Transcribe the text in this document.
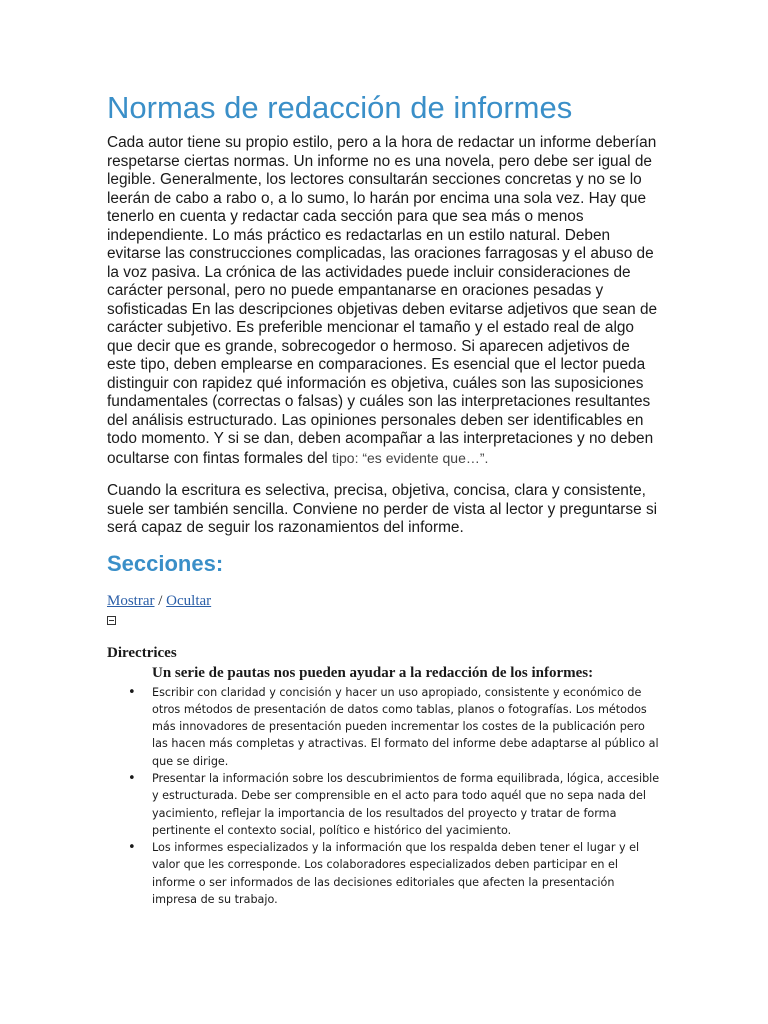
Normas de redacción de informes

Cada autor tiene su propio estilo, pero a la hora de redactar un informe deberían respetarse ciertas normas. Un informe no es una novela, pero debe ser igual de legible. Generalmente, los lectores consultarán secciones concretas y no se lo leerán de cabo a rabo o, a lo sumo, lo harán por encima una sola vez. Hay que tenerlo en cuenta y redactar cada sección para que sea más o menos independiente. Lo más práctico es redactarlas en un estilo natural. Deben evitarse las construcciones complicadas, las oraciones farragosas y el abuso de la voz pasiva. La crónica de las actividades puede incluir consideraciones de carácter personal, pero no puede empantanarse en oraciones pesadas y sofisticadas En las descripciones objetivas deben evitarse adjetivos que sean de carácter subjetivo. Es preferible mencionar el tamaño y el estado real de algo que decir que es grande, sobrecogedor o hermoso. Si aparecen adjetivos de este tipo, deben emplearse en comparaciones. Es esencial que el lector pueda distinguir con rapidez qué información es objetiva, cuáles son las suposiciones fundamentales (correctas o falsas) y cuáles son las interpretaciones resultantes del análisis estructurado. Las opiniones personales deben ser identificables en todo momento. Y si se dan, deben acompañar a las interpretaciones y no deben ocultarse con fintas formales del tipo: “es evidente que…”.

Cuando la escritura es selectiva, precisa, objetiva, concisa, clara y consistente, suele ser también sencilla. Conviene no perder de vista al lector y preguntarse si será capaz de seguir los razonamientos del informe.

Secciones:
Mostrar / Ocultar
Directrices
Un serie de pautas nos pueden ayudar a la redacción de los informes:
• Escribir con claridad y concisión y hacer un uso apropiado, consistente y económico de otros métodos de presentación de datos como tablas, planos o fotografías. Los métodos más innovadores de presentación pueden incrementar los costes de la publicación pero las hacen más completas y atractivas. El formato del informe debe adaptarse al público al que se dirige.
• Presentar la información sobre los descubrimientos de forma equilibrada, lógica, accesible y estructurada. Debe ser comprensible en el acto para todo aquél que no sepa nada del yacimiento, reflejar la importancia de los resultados del proyecto y tratar de forma pertinente el contexto social, político e histórico del yacimiento.
• Los informes especializados y la información que los respalda deben tener el lugar y el valor que les corresponde. Los colaboradores especializados deben participar en el informe o ser informados de las decisiones editoriales que afecten la presentación impresa de su trabajo.
